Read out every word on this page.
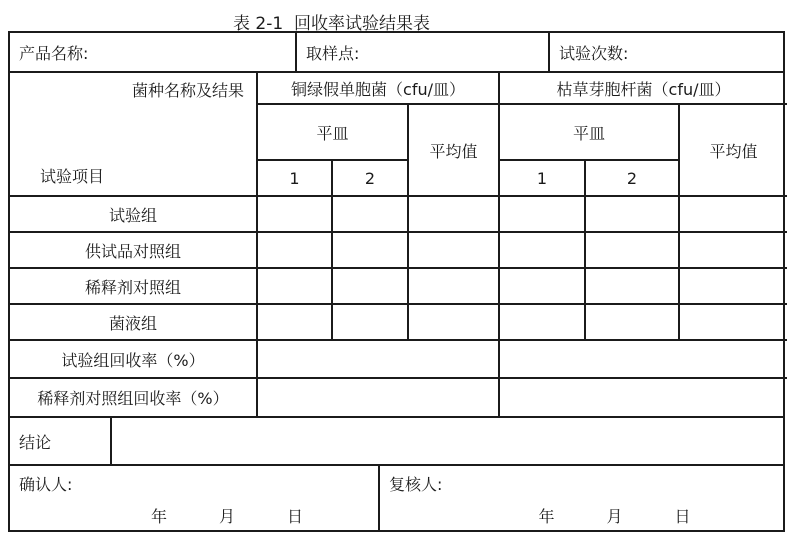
表 2-1  回收率试验结果表
产品名称:	取样点:	试验次数:
菌种名称及结果
试验项目	铜绿假单胞菌（cfu/皿）			枯草芽胞杆菌（cfu/皿）		
	平皿		平均值	平皿		平均值
	1	2		1	2	
试验组						
供试品对照组						
稀释剂对照组						
菌液组						
试验组回收率（%）						
稀释剂对照组回收率（%）						
结论
确认人:
年	月	日
复核人:
年	月	日
